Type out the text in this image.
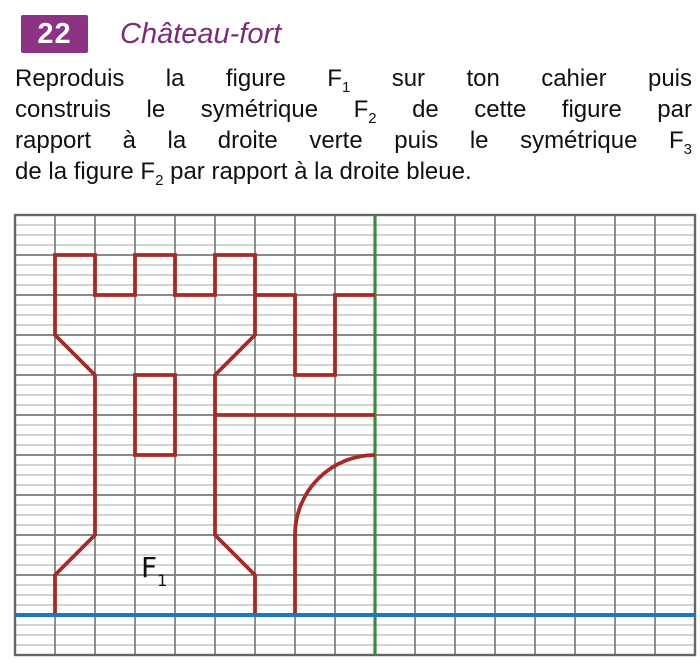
22 Château-fort
Reproduis la figure $F_1$ sur ton cahier puis
construis le symétrique $F_2$ de cette figure par
rapport à la droite verte puis le symétrique $F_3$
de la figure $F_2$ par rapport à la droite bleue.
$F_1$
